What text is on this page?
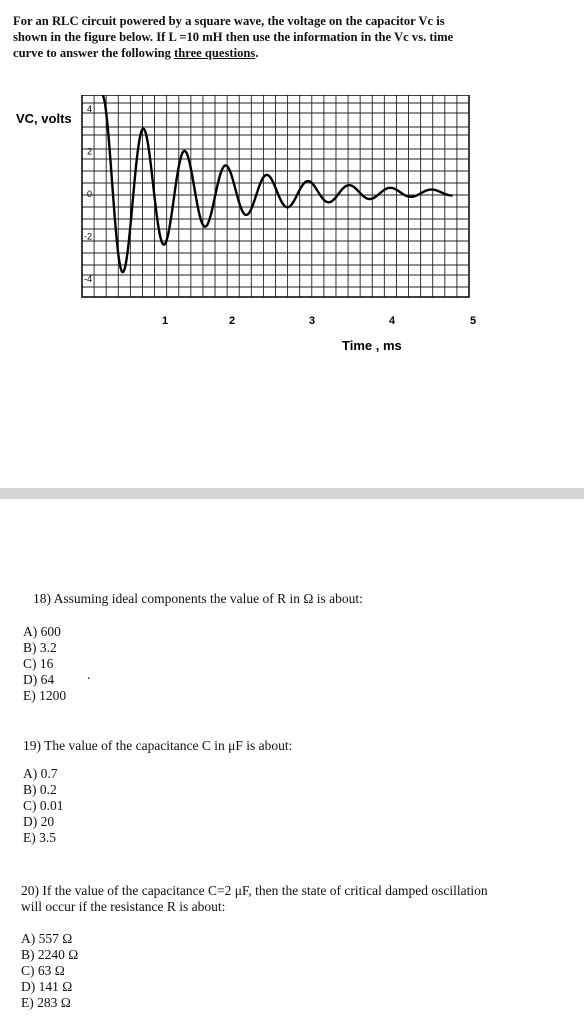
For an RLC circuit powered by a square wave, the voltage on the capacitor Vc is
shown in the figure below. If L =10 mH then use the information in the Vc vs. time
curve to answer the following three questions.
4
2
0
-2
-4
1	2	3	4	5
VC, volts
Time , ms
18) Assuming ideal components the value of R in Ω is about:
A) 600
B) 3.2
C) 16
D) 64
E) 1200
.
19) The value of the capacitance C in μF is about:
A) 0.7
B) 0.2
C) 0.01
D) 20
E) 3.5
20) If the value of the capacitance C=2 μF, then the state of critical damped oscillation
will occur if the resistance R is about:
A) 557 Ω
B) 2240 Ω
C) 63 Ω
D) 141 Ω
E) 283 Ω
